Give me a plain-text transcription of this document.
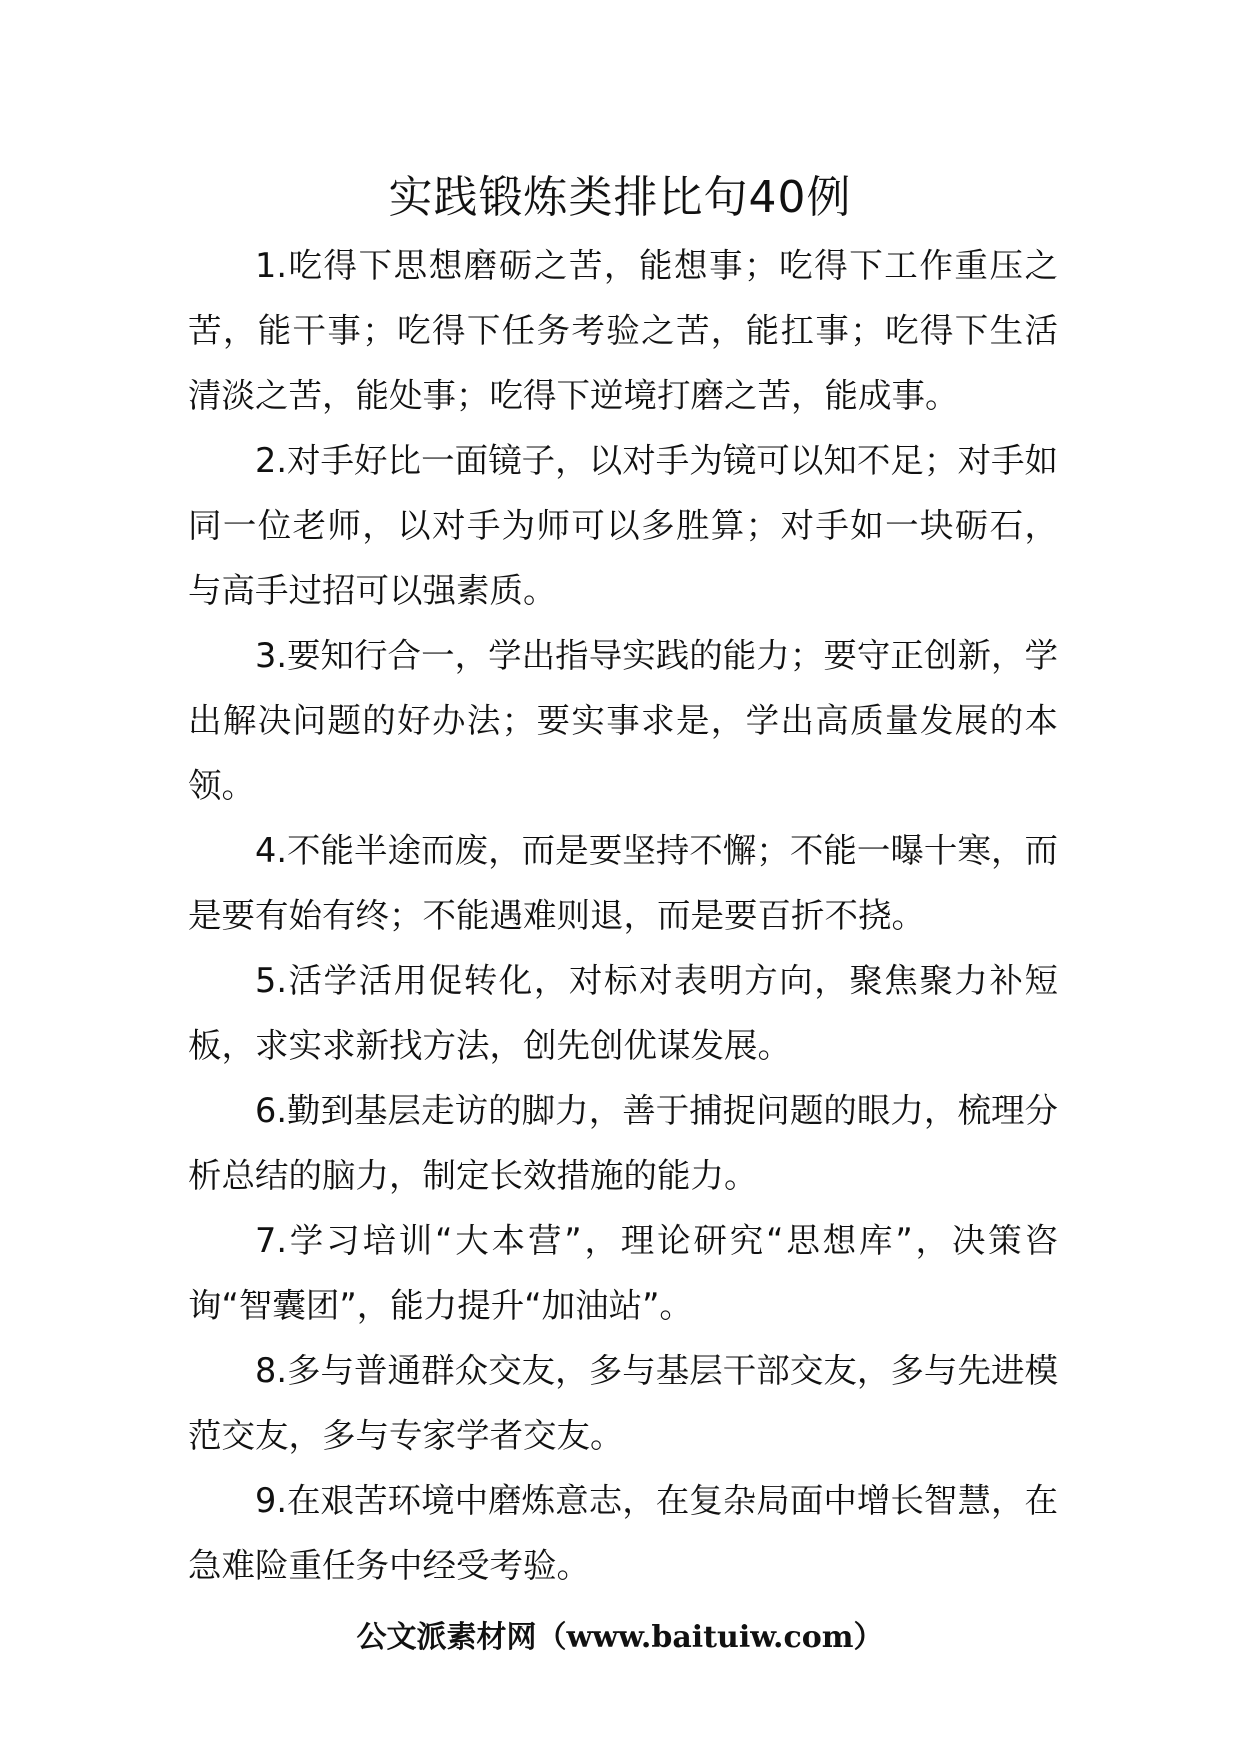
实践锻炼类排比句40例

1.吃得下思想磨砺之苦，能想事；吃得下工作重压之苦，能干事；吃得下任务考验之苦，能扛事；吃得下生活清淡之苦，能处事；吃得下逆境打磨之苦，能成事。

2.对手好比一面镜子，以对手为镜可以知不足；对手如同一位老师，以对手为师可以多胜算；对手如一块砺石，与高手过招可以强素质。

3.要知行合一，学出指导实践的能力；要守正创新，学出解决问题的好办法；要实事求是，学出高质量发展的本领。

4.不能半途而废，而是要坚持不懈；不能一曝十寒，而是要有始有终；不能遇难则退，而是要百折不挠。

5.活学活用促转化，对标对表明方向，聚焦聚力补短板，求实求新找方法，创先创优谋发展。

6.勤到基层走访的脚力，善于捕捉问题的眼力，梳理分析总结的脑力，制定长效措施的能力。

7.学习培训“大本营”，理论研究“思想库”，决策咨询“智囊团”，能力提升“加油站”。

8.多与普通群众交友，多与基层干部交友，多与先进模范交友，多与专家学者交友。

9.在艰苦环境中磨炼意志，在复杂局面中增长智慧，在急难险重任务中经受考验。

公文派素材网（www.baituiw.com）
